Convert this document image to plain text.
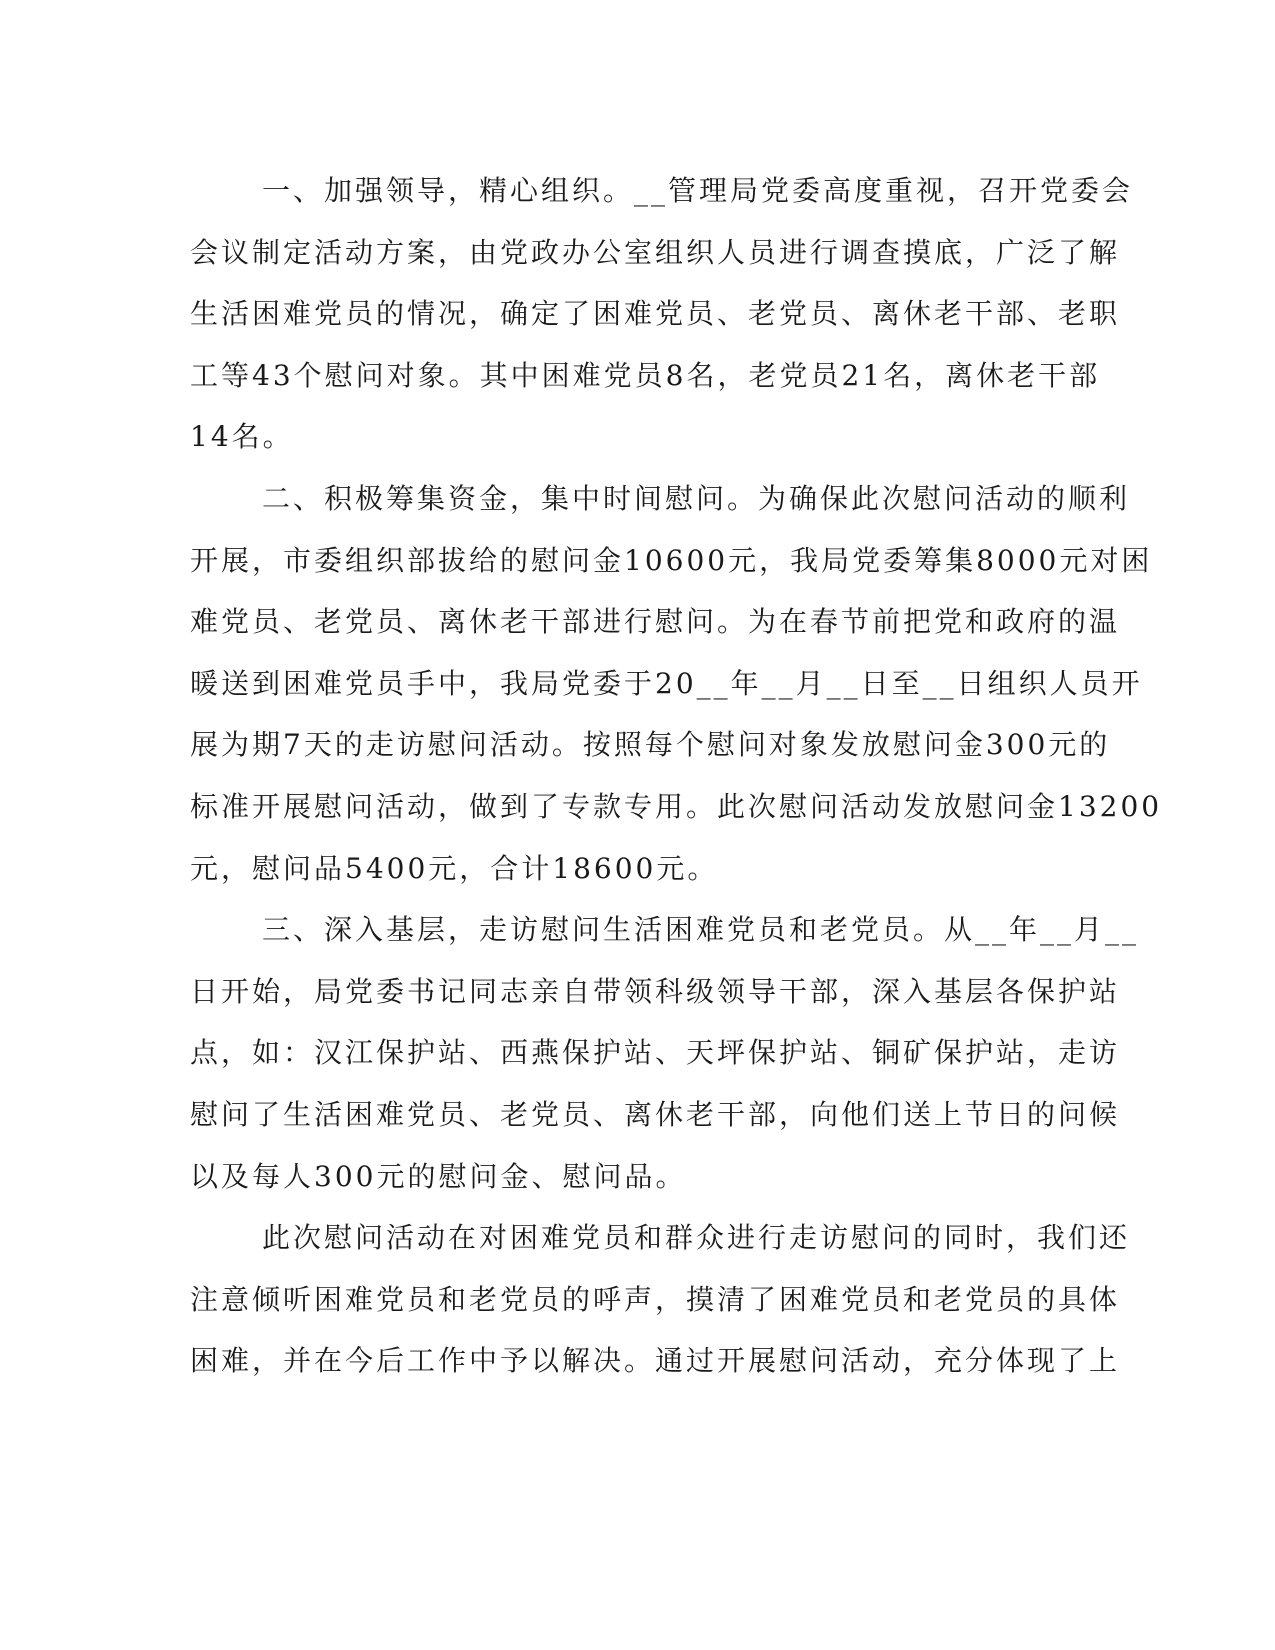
一、加强领导，精心组织。__管理局党委高度重视，召开党委会
会议制定活动方案，由党政办公室组织人员进行调查摸底，广泛了解
生活困难党员的情况，确定了困难党员、老党员、离休老干部、老职
工等43个慰问对象。其中困难党员8名，老党员21名，离休老干部
14名。
二、积极筹集资金，集中时间慰问。为确保此次慰问活动的顺利
开展，市委组织部拔给的慰问金10600元，我局党委筹集8000元对困
难党员、老党员、离休老干部进行慰问。为在春节前把党和政府的温
暖送到困难党员手中，我局党委于20__年__月__日至__日组织人员开
展为期7天的走访慰问活动。按照每个慰问对象发放慰问金300元的
标准开展慰问活动，做到了专款专用。此次慰问活动发放慰问金13200
元，慰问品5400元，合计18600元。
三、深入基层，走访慰问生活困难党员和老党员。从__年__月__
日开始，局党委书记同志亲自带领科级领导干部，深入基层各保护站
点，如：汉江保护站、西燕保护站、天坪保护站、铜矿保护站，走访
慰问了生活困难党员、老党员、离休老干部，向他们送上节日的问候
以及每人300元的慰问金、慰问品。
此次慰问活动在对困难党员和群众进行走访慰问的同时，我们还
注意倾听困难党员和老党员的呼声，摸清了困难党员和老党员的具体
困难，并在今后工作中予以解决。通过开展慰问活动，充分体现了上
